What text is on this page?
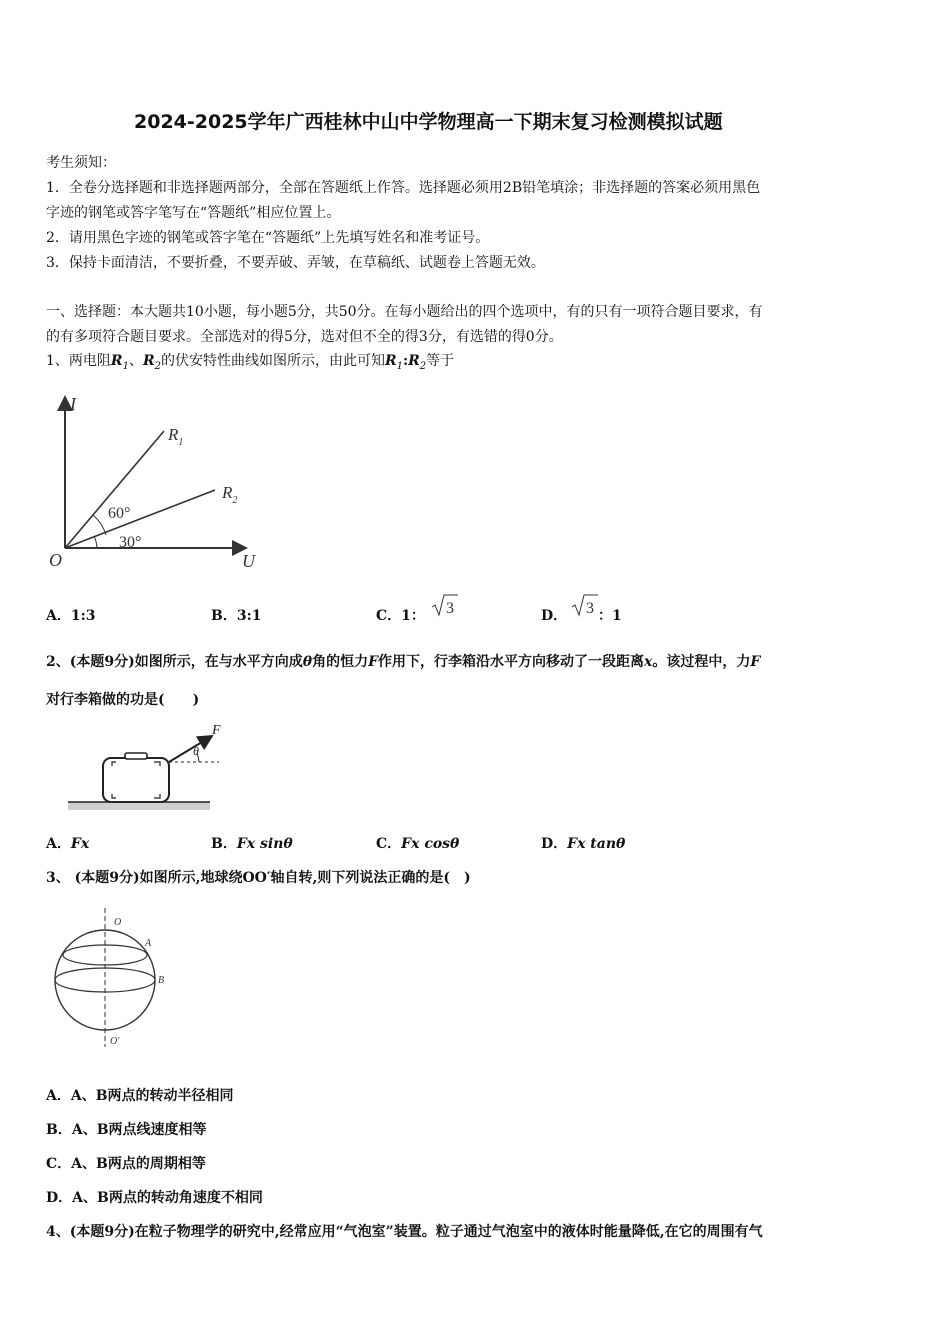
2024-2025学年广西桂林中山中学物理高一下期末复习检测模拟试题
考生须知：
1．全卷分选择题和非选择题两部分，全部在答题纸上作答。选择题必须用2B铅笔填涂；非选择题的答案必须用黑色
字迹的钢笔或答字笔写在“答题纸”相应位置上。
2．请用黑色字迹的钢笔或答字笔在“答题纸”上先填写姓名和准考证号。
3．保持卡面清洁，不要折叠，不要弄破、弄皱，在草稿纸、试题卷上答题无效。
一、选择题：本大题共10小题，每小题5分，共50分。在每小题给出的四个选项中，有的只有一项符合题目要求，有
的有多项符合题目要求。全部选对的得5分，选对但不全的得3分，有选错的得0分。
1、两电阻$R_1$、$R_2$的伏安特性曲线如图所示，由此可知$R_1:R_2$等于
I
U
O
$R_1$
$R_2$
60°
30°
A．1:3	B．3:1	C．1： 3	D． 3 ：1
2、(本题9分)如图所示，在与水平方向成θ角的恒力F作用下，行李箱沿水平方向移动了一段距离x。该过程中，力F
对行李箱做的功是(　　)
F
θ
A．Fx	B．Fx sinθ	C．Fx cosθ	D．Fx tanθ
3、 (本题9分)如图所示,地球绕OO′轴自转,则下列说法正确的是(　)
O
O′
A
B
A．A、B两点的转动半径相同
B．A、B两点线速度相等
C．A、B两点的周期相等
D．A、B两点的转动角速度不相同
4、(本题9分)在粒子物理学的研究中,经常应用“气泡室”装置。粒子通过气泡室中的液体时能量降低,在它的周围有气
